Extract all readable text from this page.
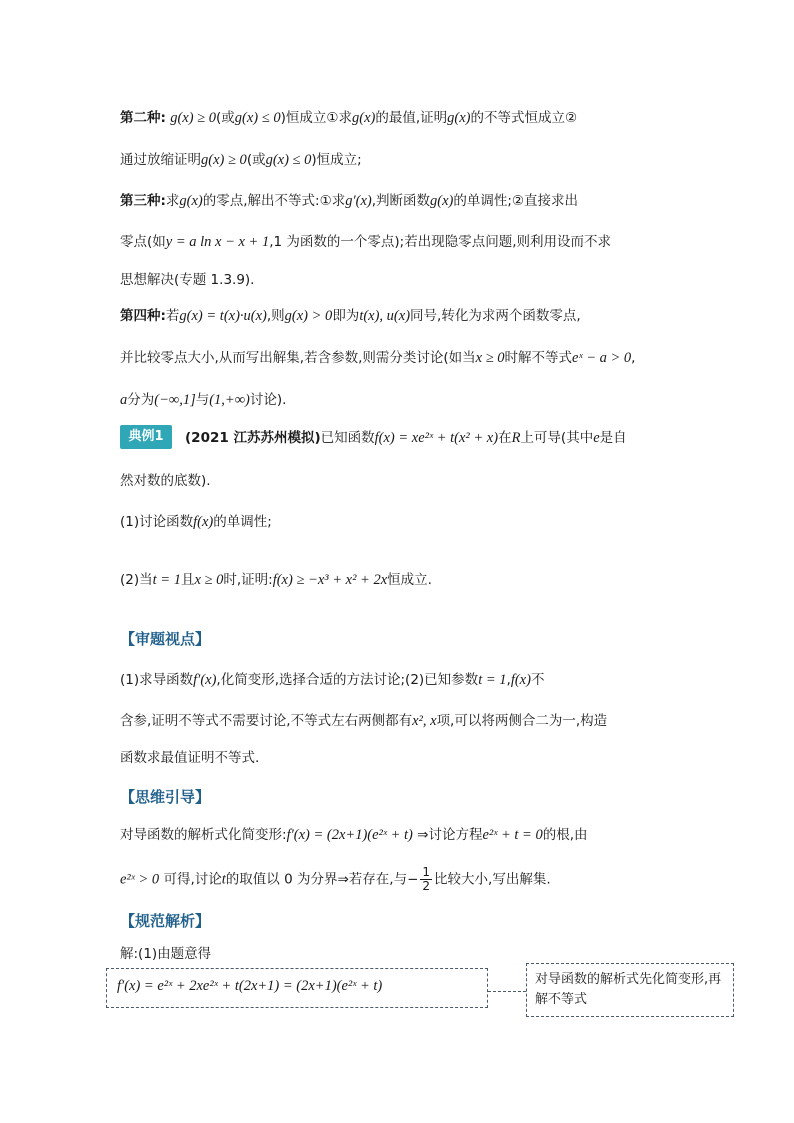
第二种: g(x) ≥ 0(或g(x) ≤ 0)恒成立①求g(x)的最值,证明g(x)的不等式恒成立②
通过放缩证明g(x) ≥ 0(或g(x) ≤ 0)恒成立;
第三种:求g(x)的零点,解出不等式:①求g′(x),判断函数g(x)的单调性;②直接求出
零点(如y = a ln x − x + 1,1 为函数的一个零点);若出现隐零点问题,则利用设而不求
思想解决(专题 1.3.9).
第四种:若g(x) = t(x)·u(x),则g(x) > 0即为t(x), u(x)同号,转化为求两个函数零点,
并比较零点大小,从而写出解集,若含参数,则需分类讨论(如当x ≥ 0时解不等式eˣ − a > 0,
a分为(−∞,1]与(1,+∞)讨论).
典例1	(2021 江苏苏州模拟)已知函数f(x) = xe²ˣ + t(x² + x)在R上可导(其中e是自
然对数的底数).
(1)讨论函数f(x)的单调性;
(2)当t = 1且x ≥ 0时,证明:f(x) ≥ −x³ + x² + 2x恒成立.
【审题视点】
(1)求导函数f′(x),化简变形,选择合适的方法讨论;(2)已知参数t = 1,f(x)不
含参,证明不等式不需要讨论,不等式左右两侧都有x², x项,可以将两侧合二为一,构造
函数求最值证明不等式.
【思维引导】
对导函数的解析式化简变形:f′(x) = (2x+1)(e²ˣ + t) ⇒讨论方程e²ˣ + t = 0的根,由
e²ˣ > 0 可得,讨论t的取值以 0 为分界⇒若存在,与− $\frac{1}{2}$ 比较大小,写出解集.
【规范解析】
解:(1)由题意得
f′(x) = e²ˣ + 2xe²ˣ + t(2x+1) = (2x+1)(e²ˣ + t)	对导函数的解析式先化简变形,再解不等式
